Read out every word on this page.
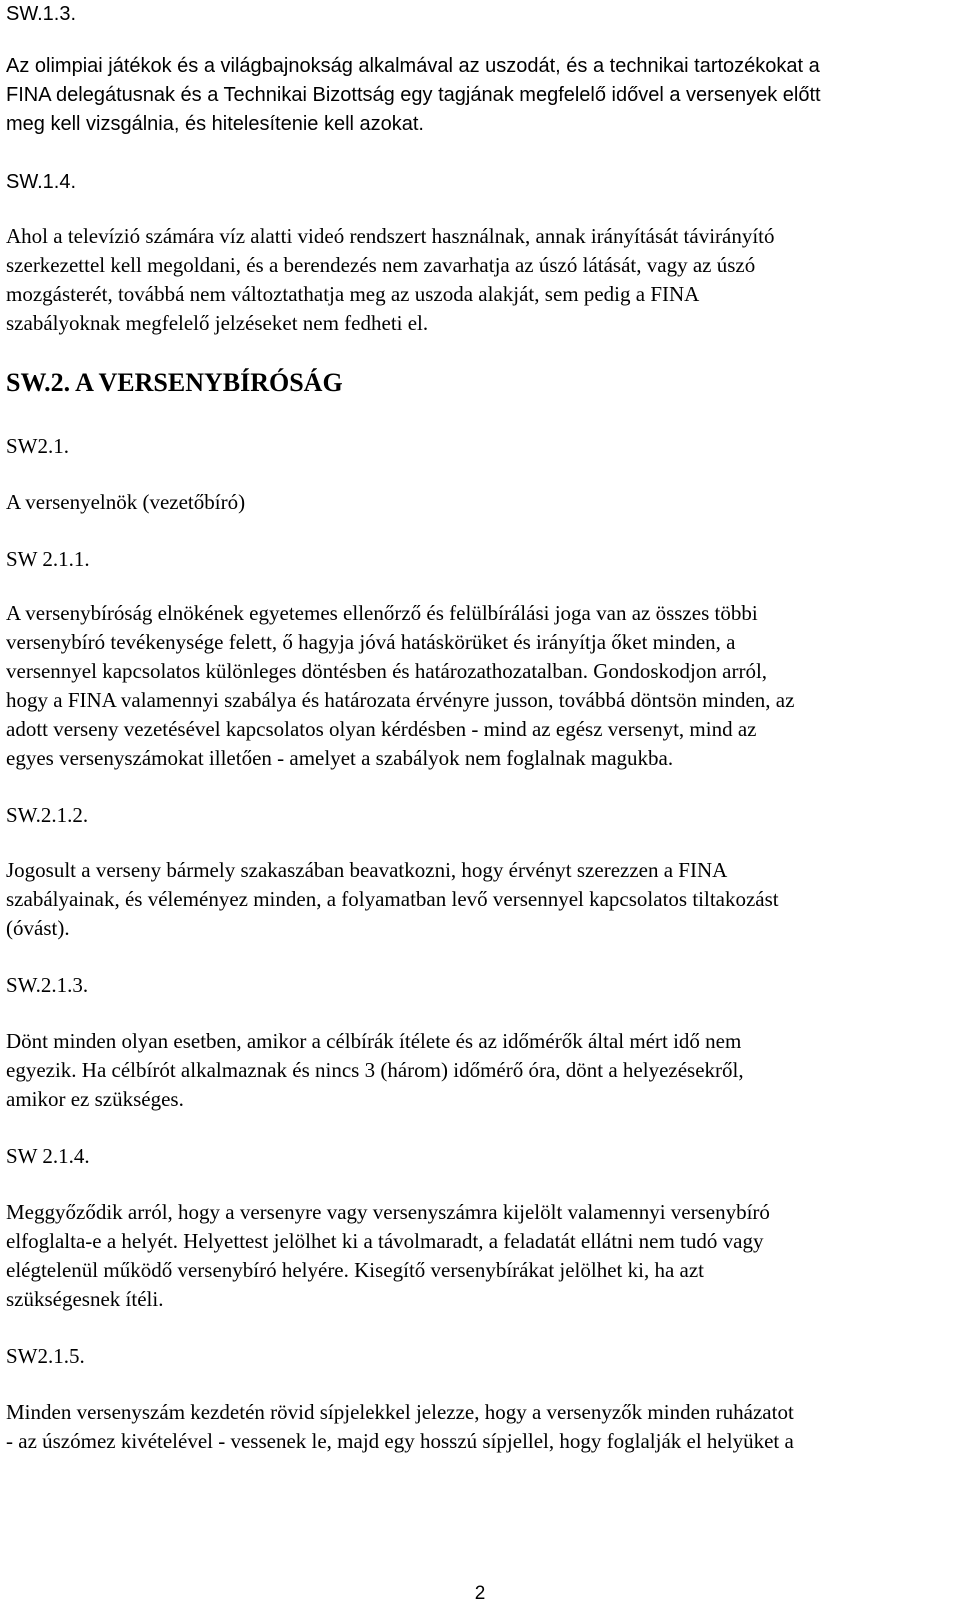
SW.1.3.
Az olimpiai játékok és a világbajnokság alkalmával az uszodát, és a technikai tartozékokat a
FINA delegátusnak és a Technikai Bizottság egy tagjának megfelelő idővel a versenyek előtt
meg kell vizsgálnia, és hitelesítenie kell azokat.
SW.1.4.
Ahol a televízió számára víz alatti videó rendszert használnak, annak irányítását távirányító
szerkezettel kell megoldani, és a berendezés nem zavarhatja az úszó látását, vagy az úszó
mozgásterét, továbbá nem változtathatja meg az uszoda alakját, sem pedig a FINA
szabályoknak megfelelő jelzéseket nem fedheti el.
SW.2. A VERSENYBÍRÓSÁG
SW2.1.
A versenyelnök (vezetőbíró)
SW 2.1.1.
A versenybíróság elnökének egyetemes ellenőrző és felülbírálási joga van az összes többi
versenybíró tevékenysége felett, ő hagyja jóvá hatáskörüket és irányítja őket minden, a
versennyel kapcsolatos különleges döntésben és határozathozatalban. Gondoskodjon arról,
hogy a FINA valamennyi szabálya és határozata érvényre jusson, továbbá döntsön minden, az
adott verseny vezetésével kapcsolatos olyan kérdésben - mind az egész versenyt, mind az
egyes versenyszámokat illetően - amelyet a szabályok nem foglalnak magukba.
SW.2.1.2.
Jogosult a verseny bármely szakaszában beavatkozni, hogy érvényt szerezzen a FINA
szabályainak, és véleményez minden, a folyamatban levő versennyel kapcsolatos tiltakozást
(óvást).
SW.2.1.3.
Dönt minden olyan esetben, amikor a célbírák ítélete és az időmérők által mért idő nem
egyezik. Ha célbírót alkalmaznak és nincs 3 (három) időmérő óra, dönt a helyezésekről,
amikor ez szükséges.
SW 2.1.4.
Meggyőződik arról, hogy a versenyre vagy versenyszámra kijelölt valamennyi versenybíró
elfoglalta-e a helyét. Helyettest jelölhet ki a távolmaradt, a feladatát ellátni nem tudó vagy
elégtelenül működő versenybíró helyére. Kisegítő versenybírákat jelölhet ki, ha azt
szükségesnek ítéli.
SW2.1.5.
Minden versenyszám kezdetén rövid sípjelekkel jelezze, hogy a versenyzők minden ruházatot
- az úszómez kivételével - vessenek le, majd egy hosszú sípjellel, hogy foglalják el helyüket a
2
